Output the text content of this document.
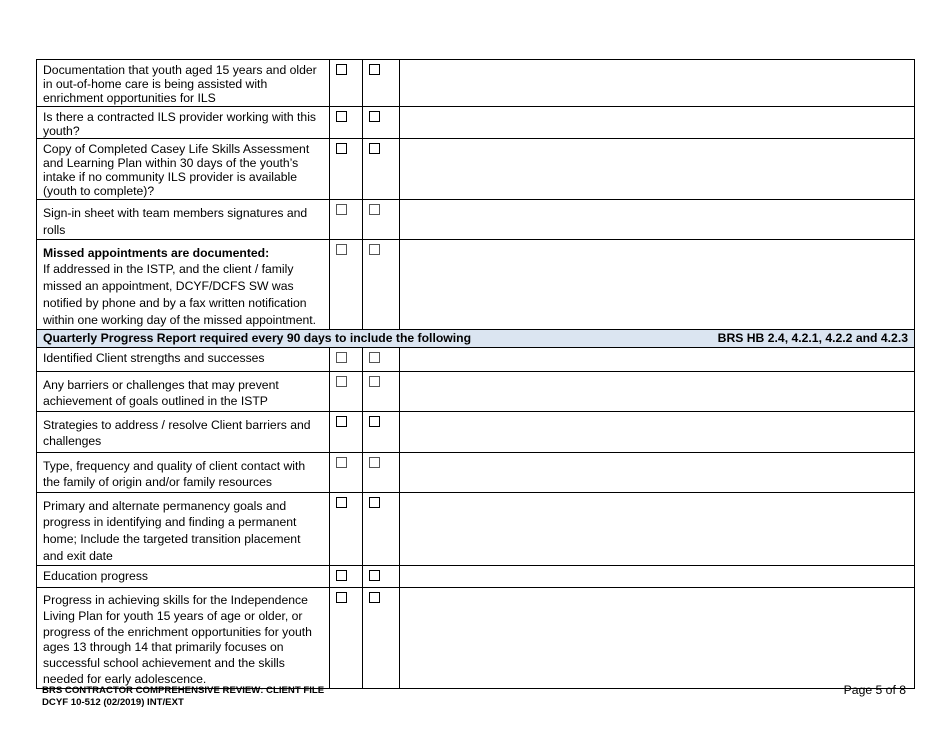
Documentation that youth aged 15 years and older in out-of-home care is being assisted with enrichment opportunities for ILS			
Is there a contracted ILS provider working with this youth?			
Copy of Completed Casey Life Skills Assessment and Learning Plan within 30 days of the youth’s intake if no community ILS provider is available (youth to complete)?			
Sign-in sheet with team members signatures and rolls			

Missed appointments are documented:
If addressed in the ISTP, and the client / family missed an appointment, DCYF/DCFS SW was notified by phone and by a fax written notification within one working day of the missed appointment.			

Quarterly Progress Report required every 90 days to include the following BRS HB 2.4, 4.2.1, 4.2.2 and 4.2.3			

Identified Client strengths and successes			
Any barriers or challenges that may prevent achievement of goals outlined in the ISTP			
Strategies to address / resolve Client barriers and challenges			
Type, frequency and quality of client contact with the family of origin and/or family resources			
Primary and alternate permanency goals and progress in identifying and finding a permanent home; Include the targeted transition placement and exit date			
Education progress			
Progress in achieving skills for the Independence Living Plan for youth 15 years of age or older, or progress of the enrichment opportunities for youth ages 13 through 14 that primarily focuses on successful school achievement and the skills needed for early adolescence.			
BRS CONTRACTOR COMPREHENSIVE REVIEW: CLIENT FILE
DCYF 10-512 (02/2019) INT/EXT
Page 5 of 8
